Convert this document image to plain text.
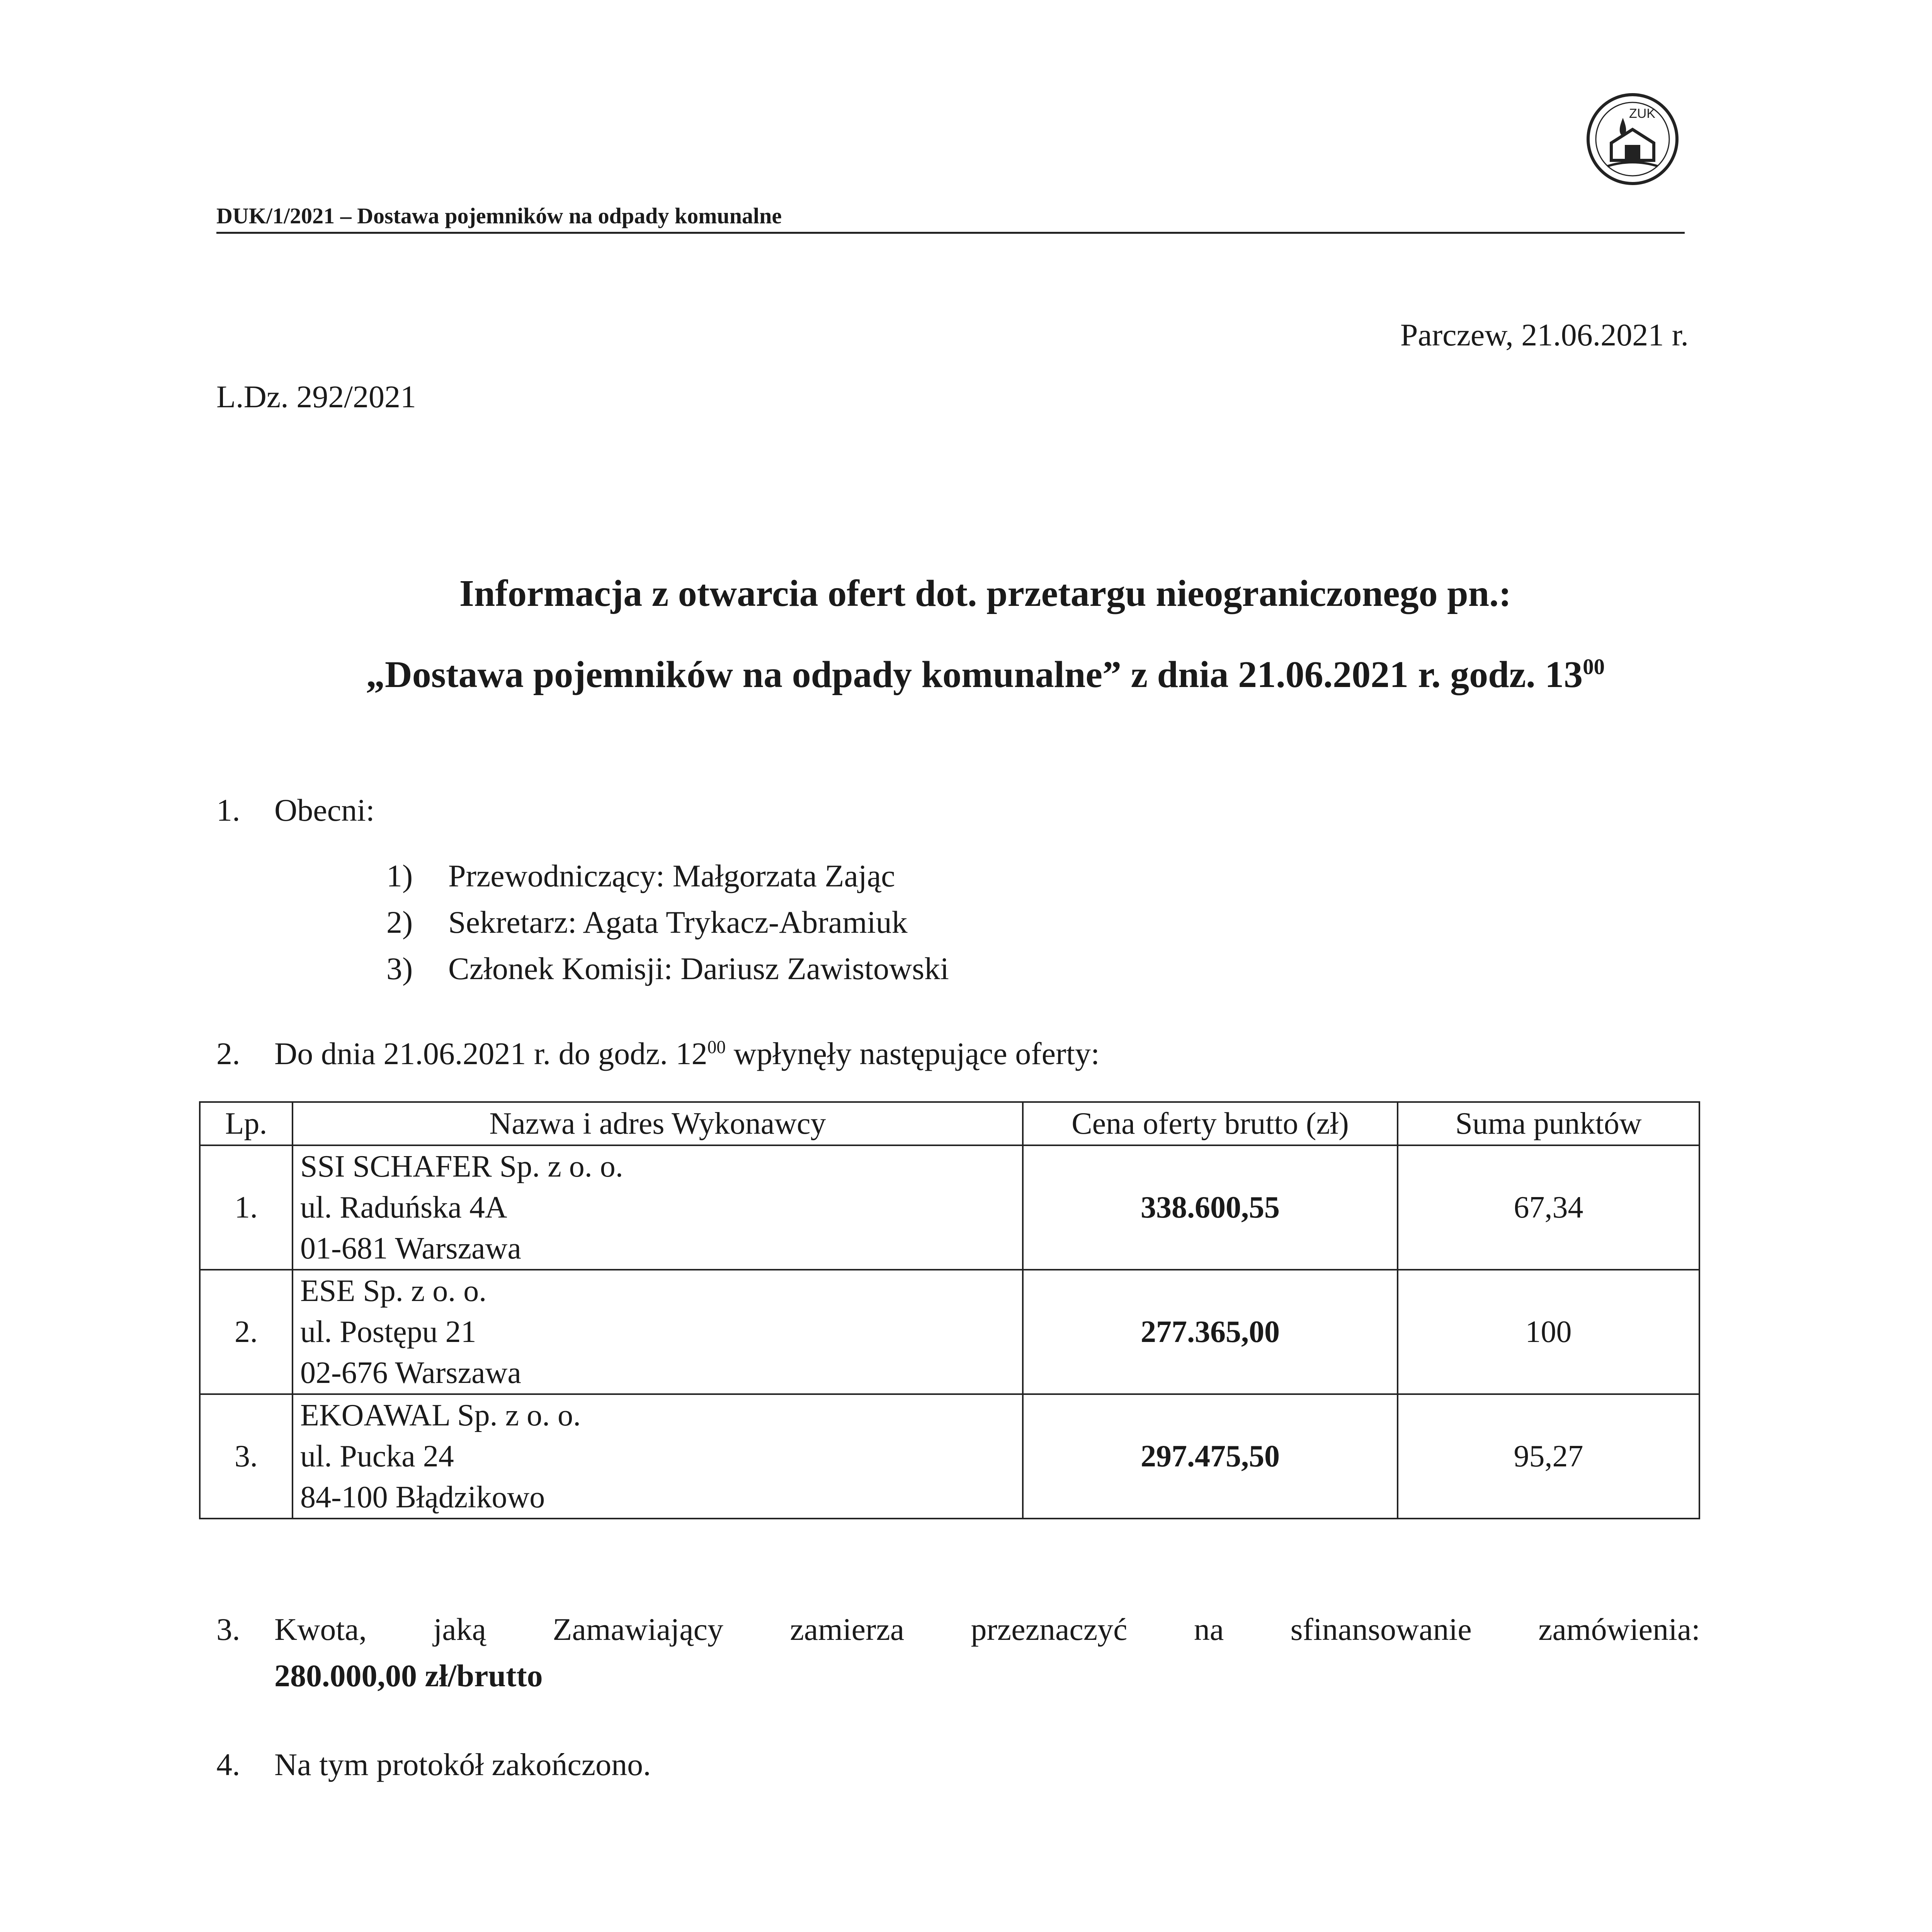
ZUK
DUK/1/2021 – Dostawa pojemników na odpady komunalne
Parczew, 21.06.2021 r.
L.Dz. 292/2021
Informacja z otwarcia ofert dot. przetargu nieograniczonego pn.:
„Dostawa pojemników na odpady komunalne” z dnia 21.06.2021 r. godz. $13^{00}$
1. Obecni:
1) Przewodniczący: Małgorzata Zając
2) Sekretarz: Agata Trykacz-Abramiuk
3) Członek Komisji: Dariusz Zawistowski
2. Do dnia 21.06.2021 r. do godz. $12^{00}$ wpłynęły następujące oferty:
Lp.	Nazwa i adres Wykonawcy	Cena oferty brutto (zł)	Suma punktów
1.	SSI SCHAFER Sp. z o. o.
ul. Raduńska 4A
01-681 Warszawa	338.600,55	67,34
2.	ESE Sp. z o. o.
ul. Postępu 21
02-676 Warszawa	277.365,00	100
3.	EKOAWAL Sp. z o. o.
ul. Pucka 24
84-100 Błądzikowo	297.475,50	95,27
3. Kwota, jaką Zamawiający zamierza przeznaczyć na sfinansowanie zamówienia:
280.000,00 zł/brutto
4. Na tym protokół zakończono.
